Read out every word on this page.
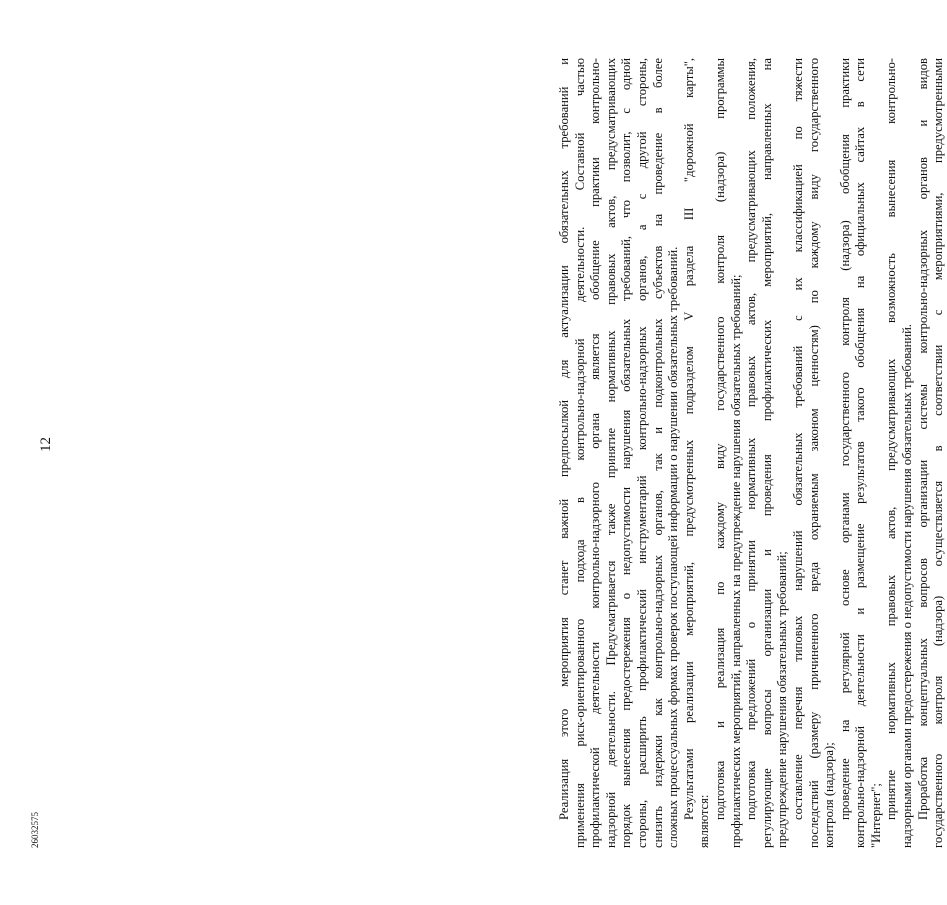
12	Реализация этого мероприятия станет важной предпосылкой для актуализации обязательных требований и применения риск-ориентированного подхода в контрольно-надзорной деятельности. Составной частью профилактической деятельности контрольно-надзорного органа является обобщение практики контрольно- надзорной деятельности. Предусматривается также принятие нормативных правовых актов, предусматривающих порядок вынесения предостережения о недопустимости нарушения обязательных требований, что позволит, с одной стороны, расширить профилактический инструментарий контрольно-надзорных органов, а с другой стороны, снизить издержки как контрольно-надзорных органов, так и подконтрольных субъектов на проведение в более сложных процессуальных формах проверок поступающей информации о нарушении обязательных требований. Результатами реализации мероприятий, предусмотренных подразделом V раздела III "дорожной карты",
являются:
подготовка и реализация по каждому виду государственного контроля (надзора) программы профилактических мероприятий, направленных на предупреждение нарушения обязательных требований; подготовка предложений о принятии нормативных правовых актов, предусматривающих положения, регулирующие вопросы организации и проведения профилактических мероприятий, направленных на предупреждение нарушения обязательных требований; составление перечня типовых нарушений обязательных требований с их классификацией по тяжести последствий (размеру причиненного вреда охраняемым законом ценностям) по каждому виду государственного контроля (надзора); проведение на регулярной основе органами государственного контроля (надзора) обобщения практики контрольно-надзорной деятельности и размещение результатов такого обобщения на официальных сайтах в сети "Интернет"; принятие нормативных правовых актов, предусматривающих возможность вынесения контрольно- надзорными органами предостережения о недопустимости нарушения обязательных требований. Проработка концептуальных вопросов организации системы контрольно-надзорных органов и видов государственного контроля (надзора) осуществляется в соответствии с мероприятиями, предусмотренными
26032575
